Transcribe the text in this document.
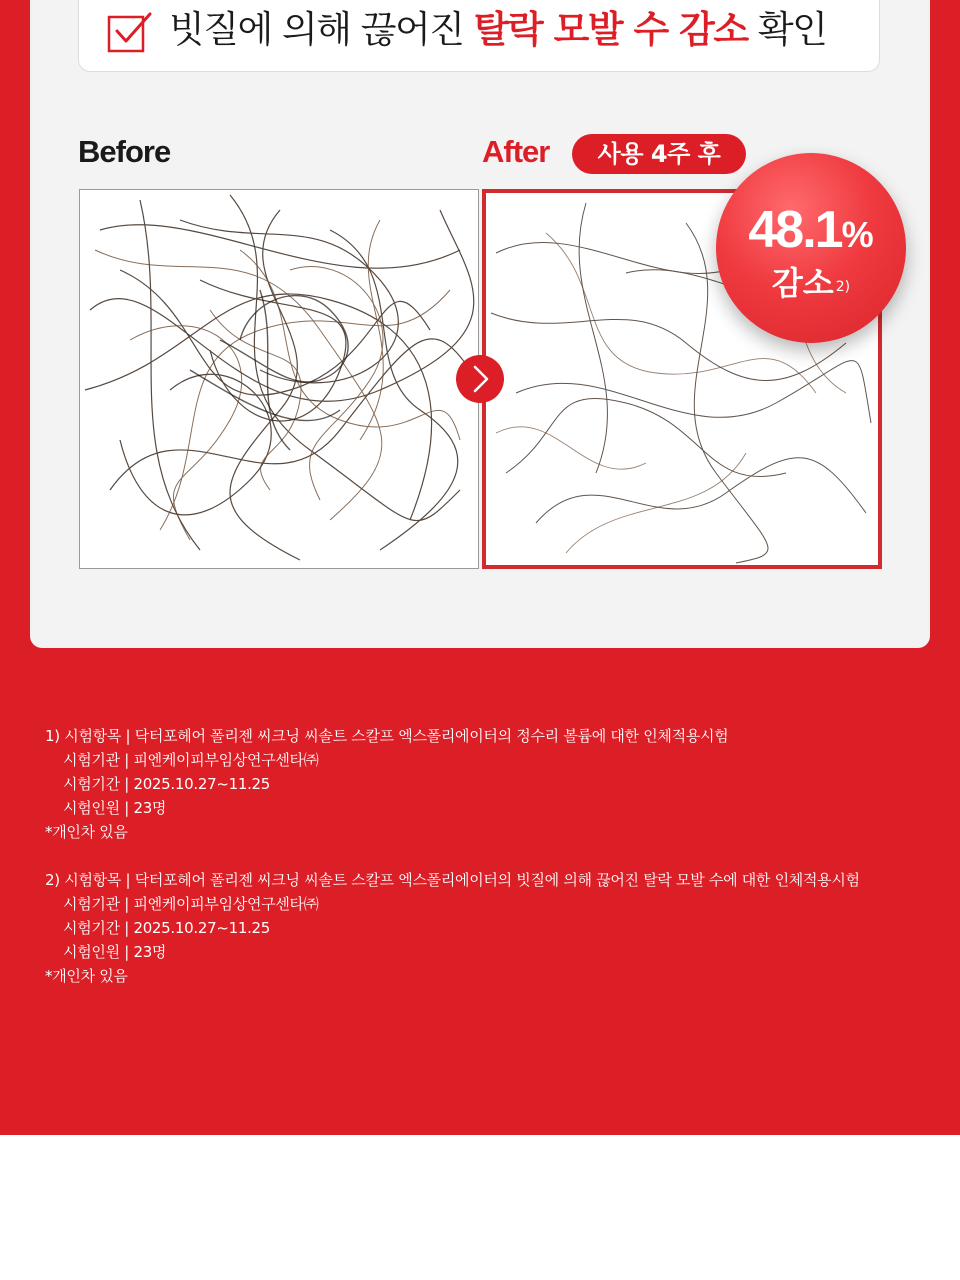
빗질에 의해 끊어진 탈락 모발 수 감소 확인
Before	After	사용 4주 후
48.1%
감소 $^{2)}$

1) 시험항목 | 닥터포헤어 폴리젠 씨크닝 씨솔트 스칼프 엑스폴리에이터의 정수리 볼륨에 대한 인체적용시험

시험기관 | 피엔케이피부임상연구센타㈜

시험기간 | 2025.10.27~11.25

시험인원 | 23명

*개인차 있음

2) 시험항목 | 닥터포헤어 폴리젠 씨크닝 씨솔트 스칼프 엑스폴리에이터의 빗질에 의해 끊어진 탈락 모발 수에 대한 인체적용시험

시험기관 | 피엔케이피부임상연구센타㈜

시험기간 | 2025.10.27~11.25

시험인원 | 23명

*개인차 있음
